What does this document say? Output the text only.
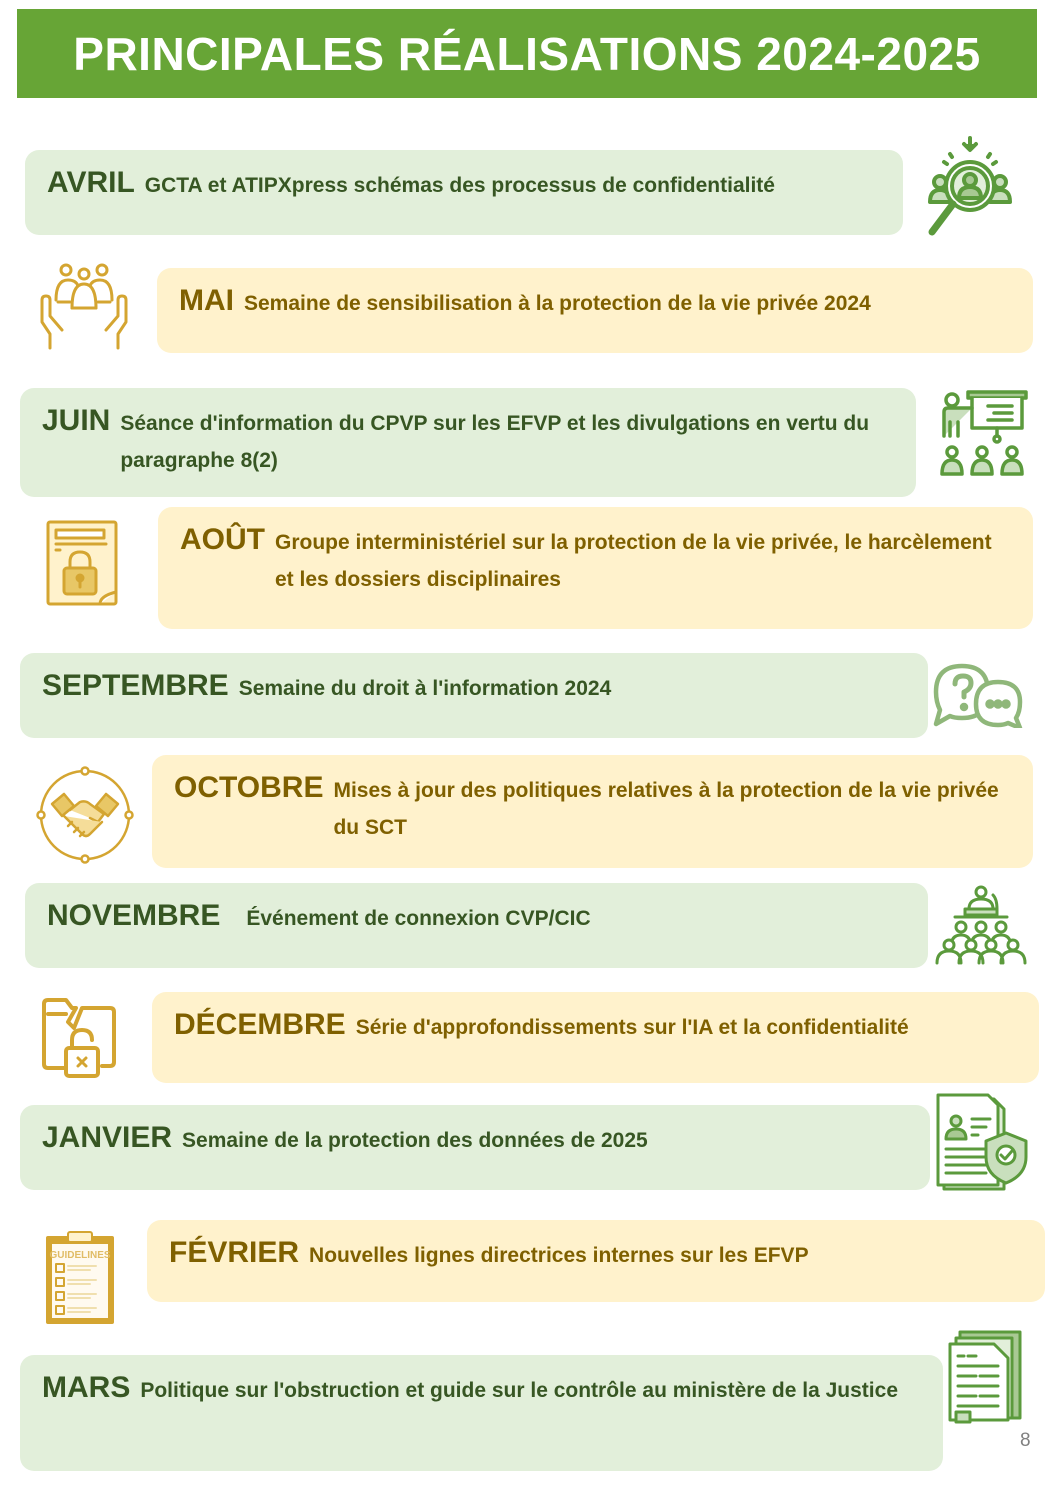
PRINCIPALES RÉALISATIONS 2024-2025
AVRIL GCTA et ATIPXpress schémas des processus de confidentialité
MAI Semaine de sensibilisation à la protection de la vie privée 2024
JUIN Séance d'information du CPVP sur les EFVP et les divulgations en vertu du paragraphe 8(2)
AOÛT Groupe interministériel sur la protection de la vie privée, le harcèlement et les dossiers disciplinaires
SEPTEMBRE Semaine du droit à l'information 2024
OCTOBRE Mises à jour des politiques relatives à la protection de la vie privée du SCT
NOVEMBRE Événement de connexion CVP/CIC
DÉCEMBRE Série d'approfondissements sur l'IA et la confidentialité
JANVIER Semaine de la protection des données de 2025
GUIDELINES FÉVRIER Nouvelles lignes directrices internes sur les EFVP
MARS Politique sur l'obstruction et guide sur le contrôle au ministère de la Justice
8
